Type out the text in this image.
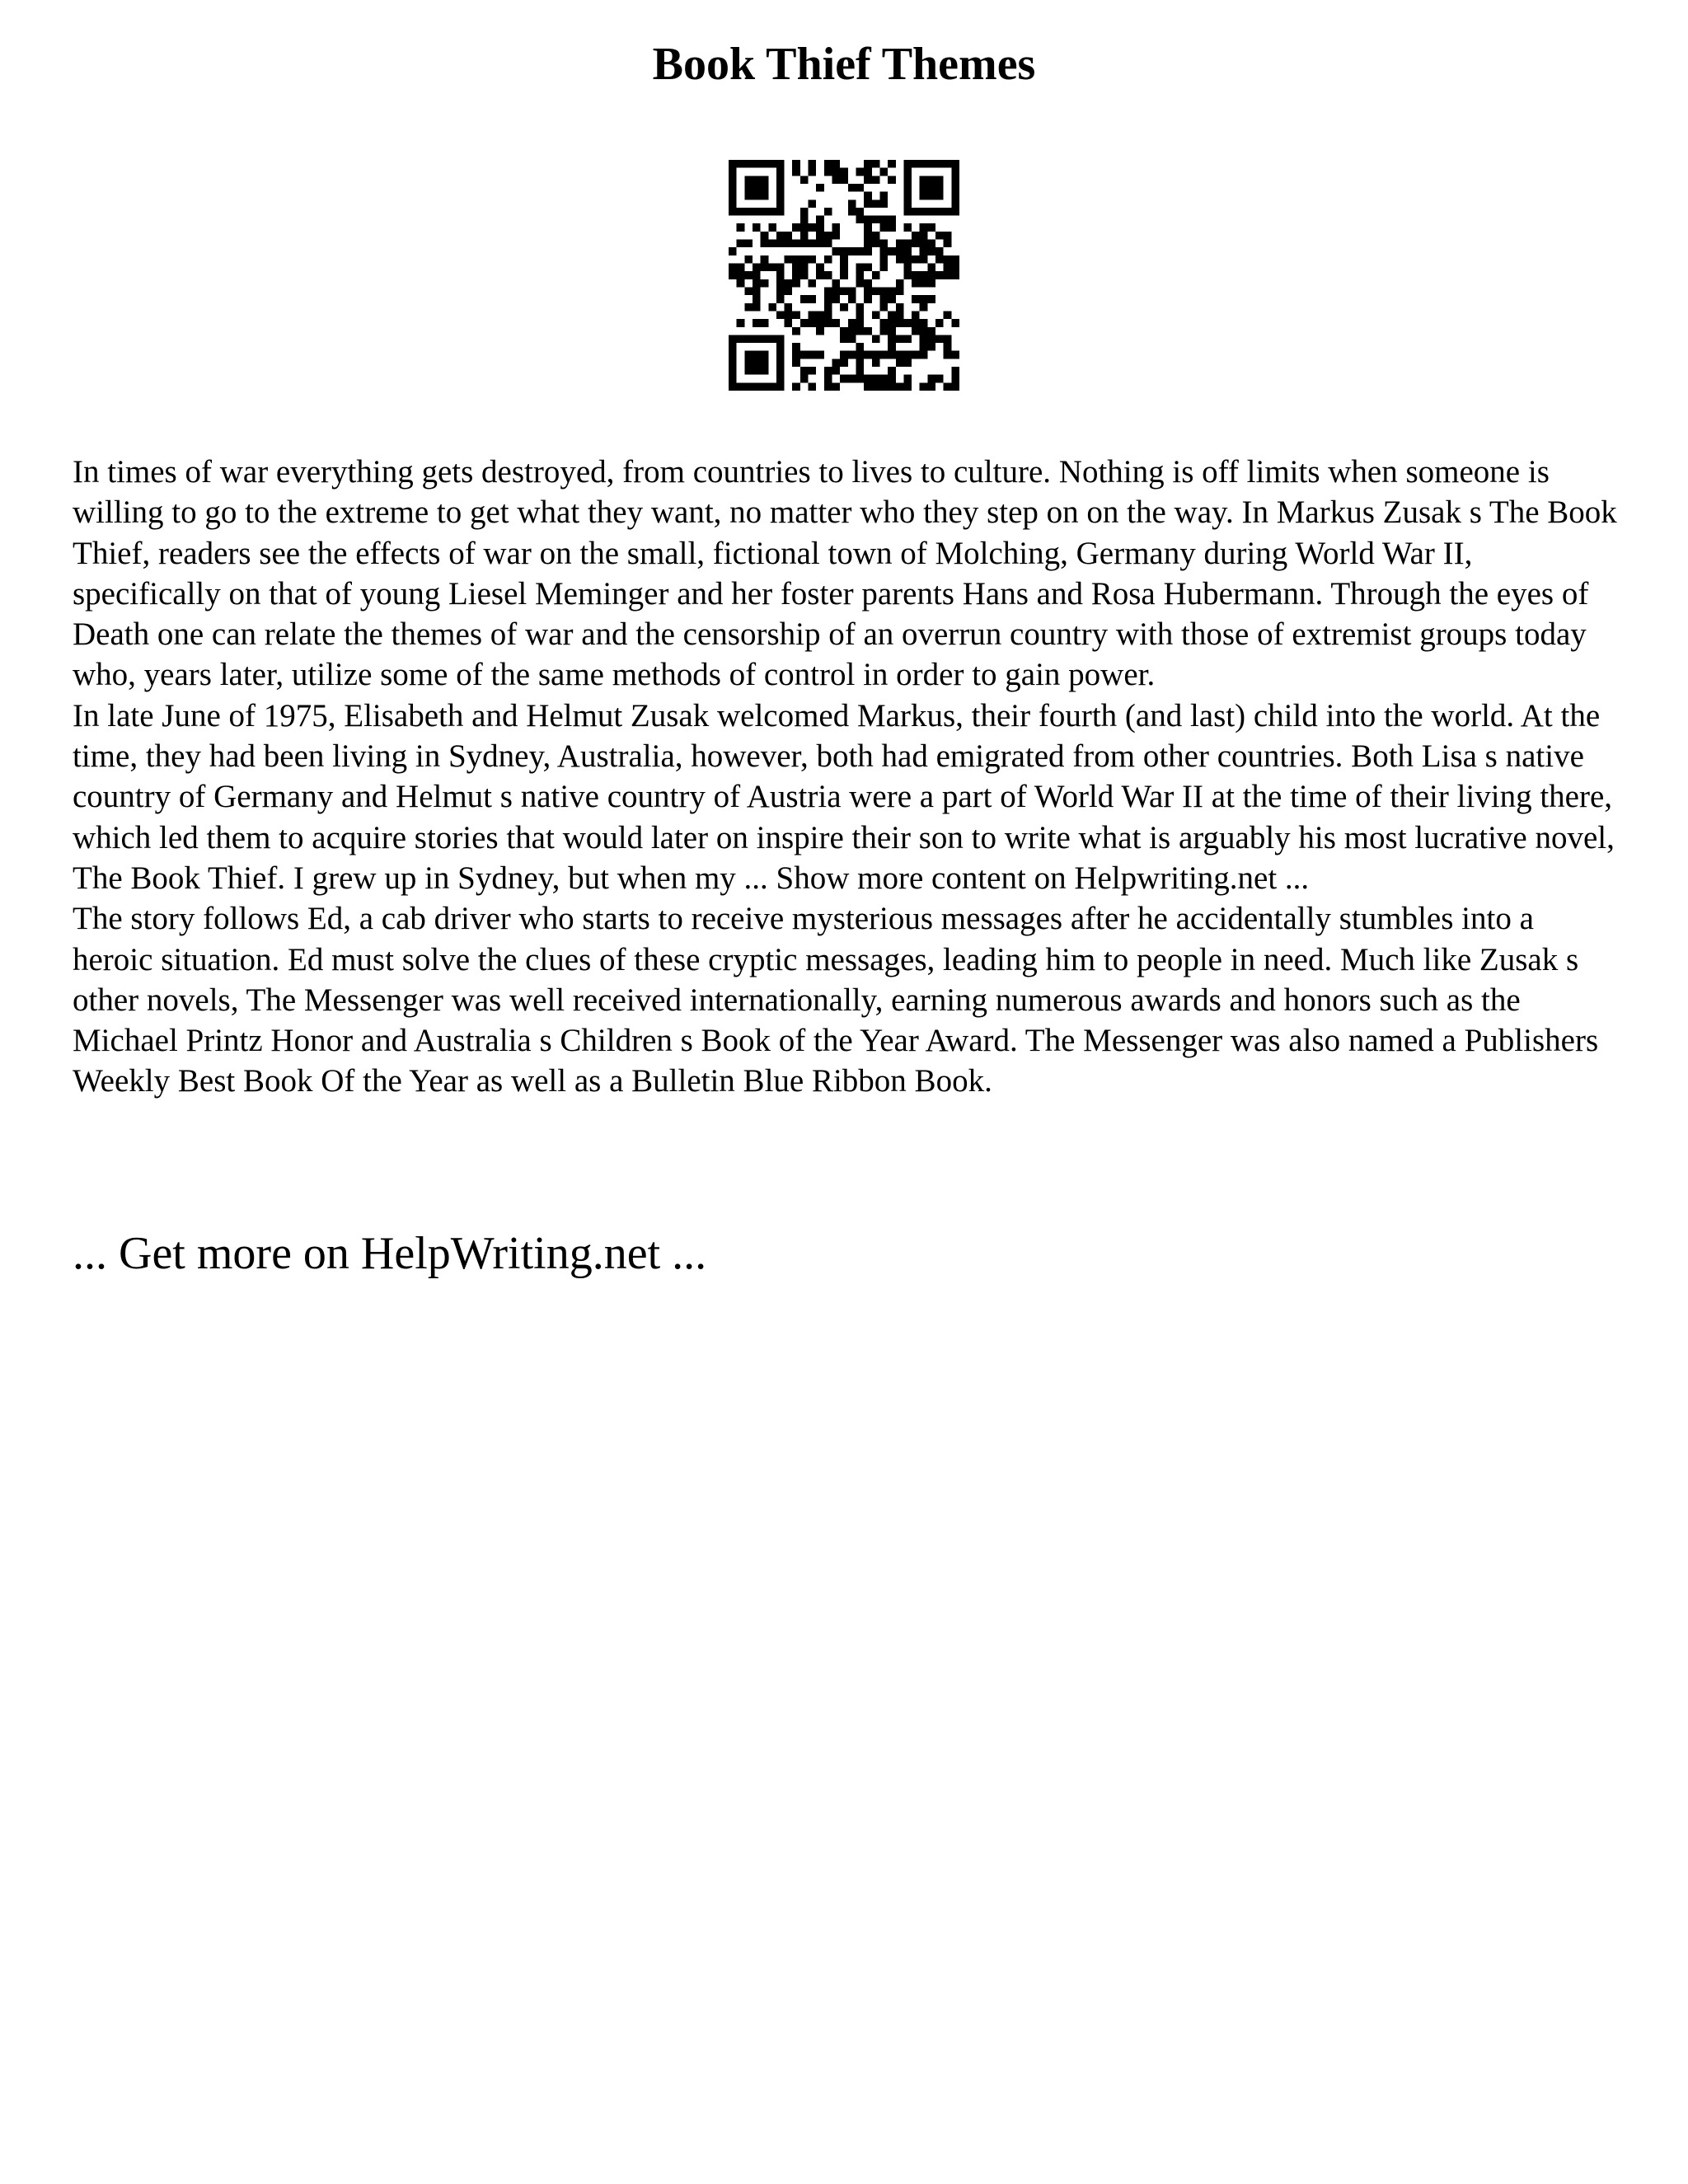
Book Thief Themes

In times of war everything gets destroyed, from countries to lives to culture. Nothing is off limits when someone is willing to go to the extreme to get what they want, no matter who they step on on the way. In Markus Zusak s The Book Thief, readers see the effects of war on the small, fictional town of Molching, Germany during World War II, specifically on that of young Liesel Meminger and her foster parents Hans and Rosa Hubermann. Through the eyes of Death one can relate the themes of war and the censorship of an overrun country with those of extremist groups today who, years later, utilize some of the same methods of control in order to gain power.

In late June of 1975, Elisabeth and Helmut Zusak welcomed Markus, their fourth (and last) child into the world. At the time, they had been living in Sydney, Australia, however, both had emigrated from other countries. Both Lisa s native country of Germany and Helmut s native country of Austria were a part of World War II at the time of their living there, which led them to acquire stories that would later on inspire their son to write what is arguably his most lucrative novel, The Book Thief. I grew up in Sydney, but when my ... Show more content on Helpwriting.net ...

The story follows Ed, a cab driver who starts to receive mysterious messages after he accidentally stumbles into a heroic situation. Ed must solve the clues of these cryptic messages, leading him to people in need. Much like Zusak s other novels, The Messenger was well received internationally, earning numerous awards and honors such as the Michael Printz Honor and Australia s Children s Book of the Year Award. The Messenger was also named a Publishers Weekly Best Book Of the Year as well as a Bulletin Blue Ribbon Book.

... Get more on HelpWriting.net ...
